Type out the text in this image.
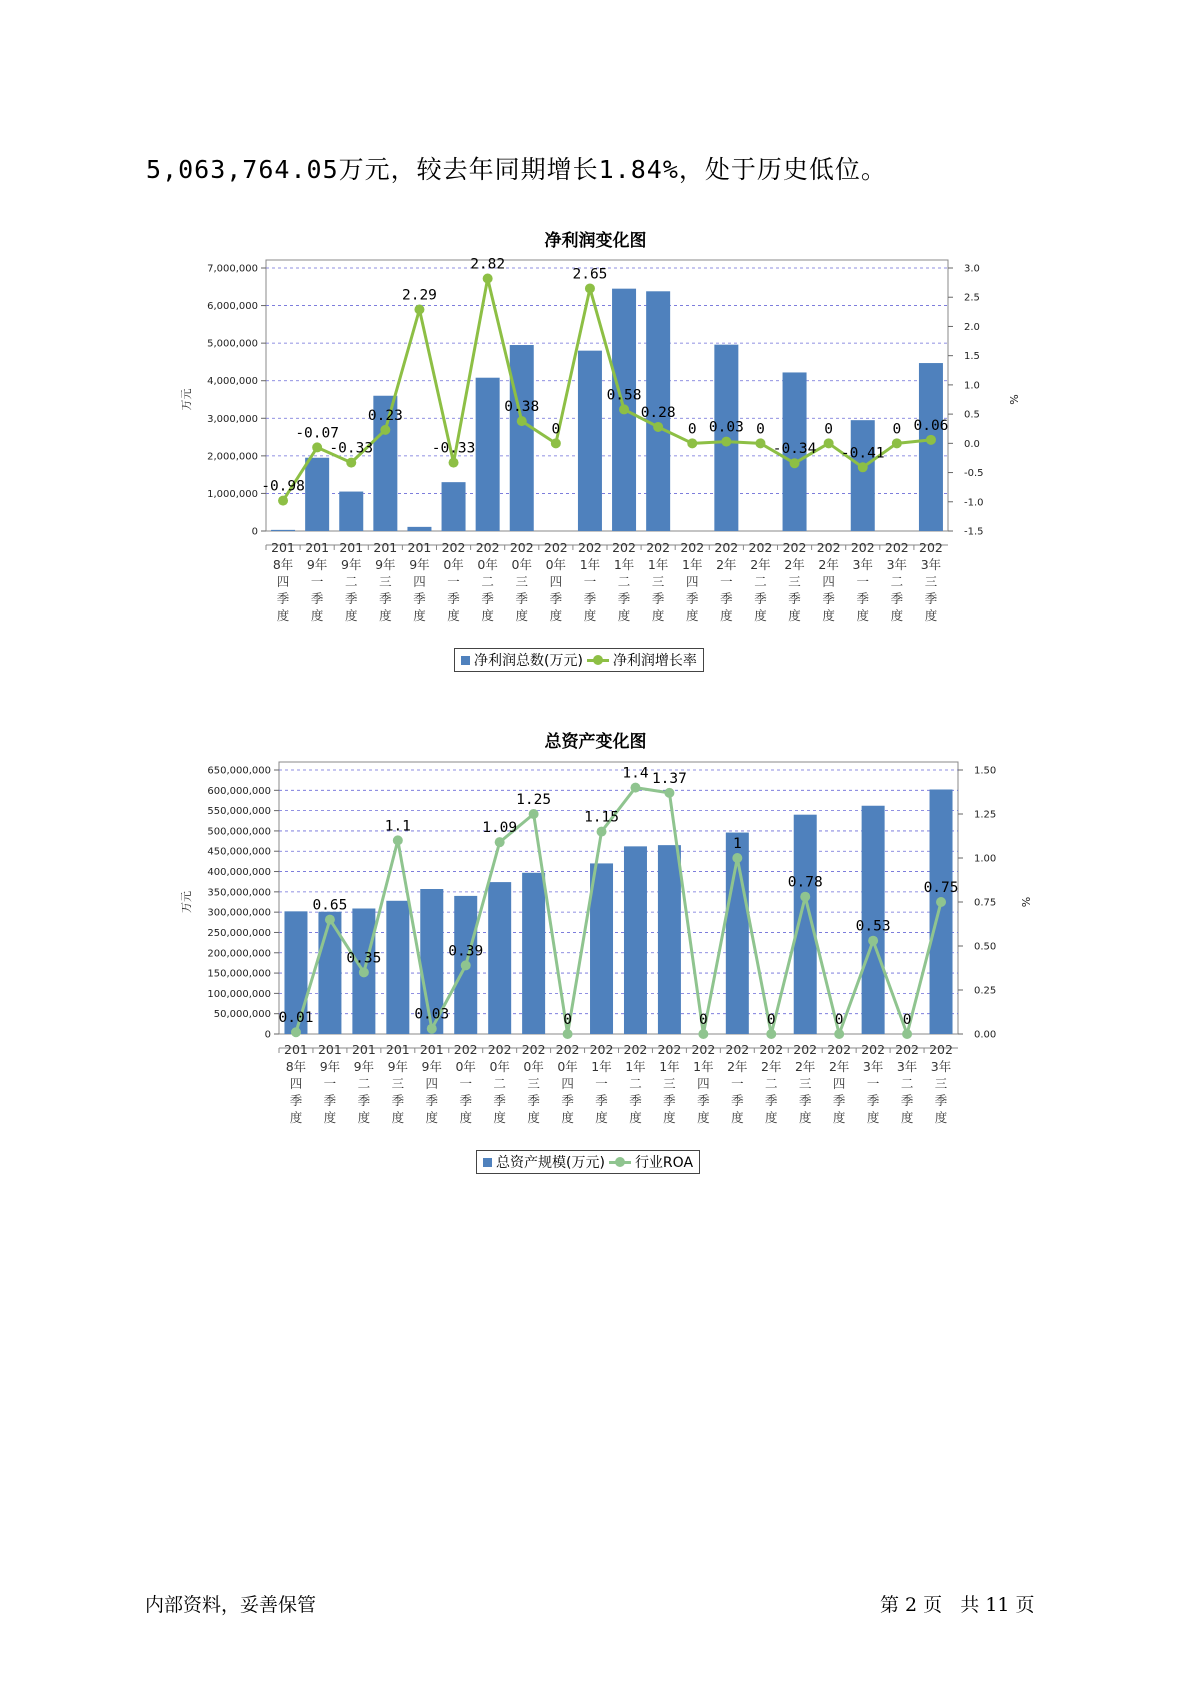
5,063,764.05万元，较去年同期增长1.84%，处于历史低位。
净利润变化图
0
1,000,000
2,000,000
3,000,000
4,000,000
5,000,000
6,000,000
7,000,000
-1.5
-1.0
-0.5
0.0
0.5
1.0
1.5
2.0
2.5
3.0
万元	%
201
8年
四
季
度
201
9年
一
季
度
201
9年
二
季
度
201
9年
三
季
度
201
9年
四
季
度
202
0年
一
季
度
202
0年
二
季
度
202
0年
三
季
度
202
0年
四
季
度
202
1年
一
季
度
202
1年
二
季
度
202
1年
三
季
度
202
1年
四
季
度
202
2年
一
季
度
202
2年
二
季
度
202
2年
三
季
度
202
2年
四
季
度
202
3年
一
季
度
202
3年
二
季
度
202
3年
三
季
度
-0.98
-0.07
-0.33
0.23
2.29
-0.33
2.82
0.38
0
2.65
0.58
0.28
0 0.03 0
-0.34
0
-0.41
0 0.06
净利润总数(万元) 净利润增长率
总资产变化图
0
50,000,000
100,000,000
150,000,000
200,000,000
250,000,000
300,000,000
350,000,000
400,000,000
450,000,000
500,000,000
550,000,000
600,000,000
650,000,000
0.00
0.25
0.50
0.75
1.00
1.25
1.50
万元	%
201
8年
四
季
度
201
9年
一
季
度
201
9年
二
季
度
201
9年
三
季
度
201
9年
四
季
度
202
0年
一
季
度
202
0年
二
季
度
202
0年
三
季
度
202
0年
四
季
度
202
1年
一
季
度
202
1年
二
季
度
202
1年
三
季
度
202
1年
四
季
度
202
2年
一
季
度
202
2年
二
季
度
202
2年
三
季
度
202
2年
四
季
度
202
3年
一
季
度
202
3年
二
季
度
202
3年
三
季
度
0.01
0.65
0.35
1.1
0.03
0.39
1.09
1.25
0
1.15
1.4 1.37
0
1
0
0.78
0
0.53
0
0.75
总资产规模(万元) 行业ROA
内部资料，妥善保管	第 2 页   共 11 页
